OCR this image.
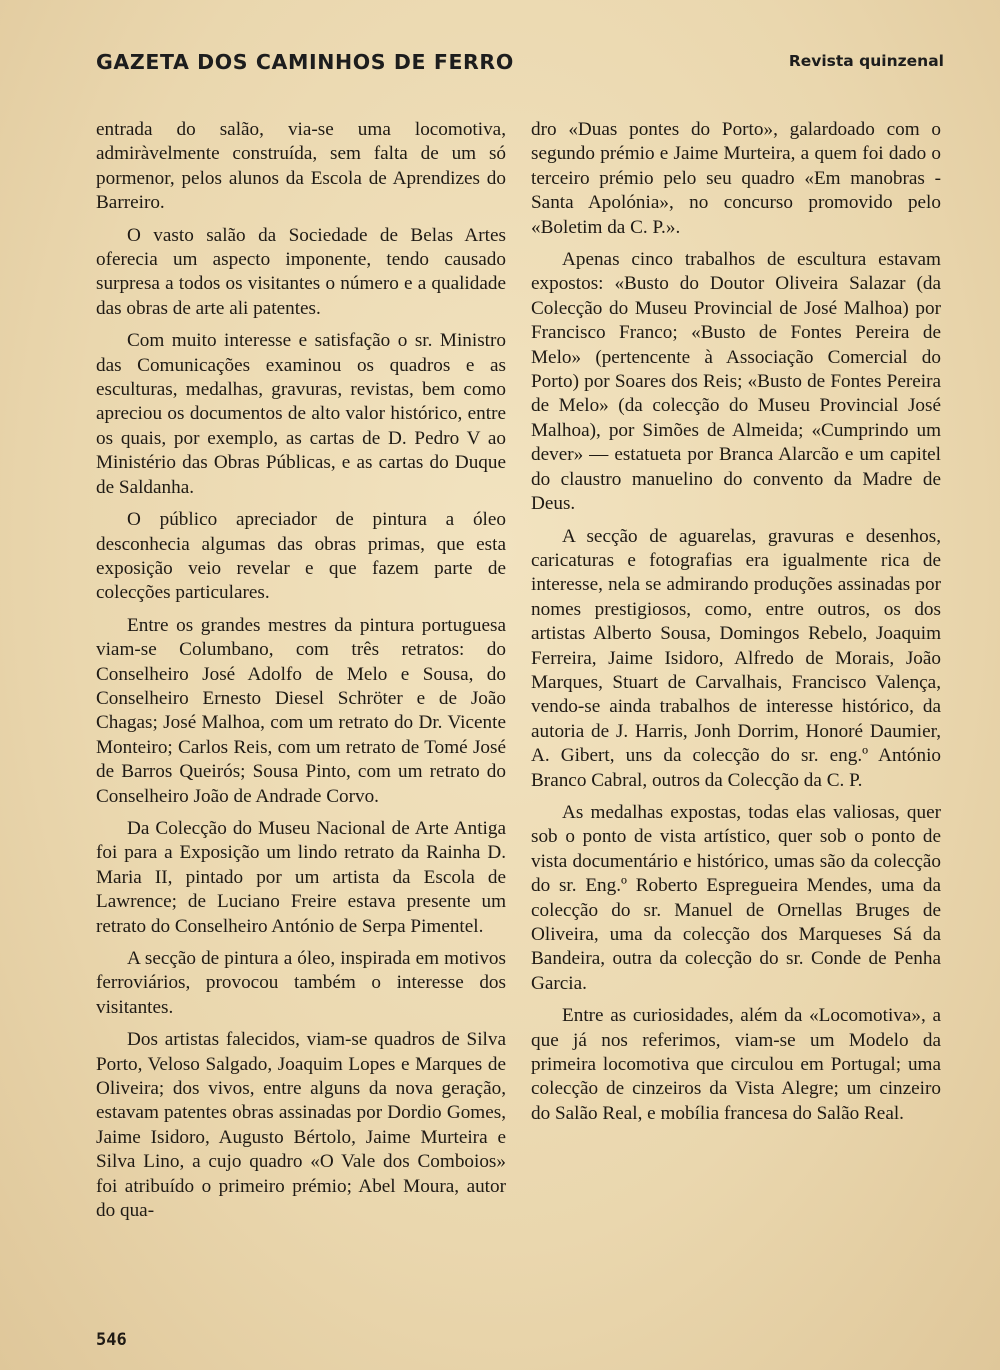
GAZETA DOS CAMINHOS DE FERRO	Revista quinzenal

entrada do salão, via-se uma locomotiva, admiràvelmente construída, sem falta de um só pormenor, pelos alunos da Escola de Aprendizes do Barreiro.

O vasto salão da Sociedade de Belas Artes oferecia um aspecto imponente, tendo causado surpresa a todos os visitantes o número e a qualidade das obras de arte ali patentes.

Com muito interesse e satisfação o sr. Ministro das Comunicações examinou os quadros e as esculturas, medalhas, gravuras, revistas, bem como apreciou os documentos de alto valor histórico, entre os quais, por exemplo, as cartas de D. Pedro V ao Ministério das Obras Públicas, e as cartas do Duque de Saldanha.

O público apreciador de pintura a óleo desconhecia algumas das obras primas, que esta exposição veio revelar e que fazem parte de colecções particulares.

Entre os grandes mestres da pintura portuguesa viam-se Columbano, com três retratos: do Conselheiro José Adolfo de Melo e Sousa, do Conselheiro Ernesto Diesel Schröter e de João Chagas; José Malhoa, com um retrato do Dr. Vicente Monteiro; Carlos Reis, com um retrato de Tomé José de Barros Queirós; Sousa Pinto, com um retrato do Conselheiro João de Andrade Corvo.

Da Colecção do Museu Nacional de Arte Antiga foi para a Exposição um lindo retrato da Rainha D. Maria II, pintado por um artista da Escola de Lawrence; de Luciano Freire estava presente um retrato do Conselheiro António de Serpa Pimentel.

A secção de pintura a óleo, inspirada em motivos ferroviários, provocou também o interesse dos visitantes.

Dos artistas falecidos, viam-se quadros de Silva Porto, Veloso Salgado, Joaquim Lopes e Marques de Oliveira; dos vivos, entre alguns da nova geração, estavam patentes obras assinadas por Dordio Gomes, Jaime Isidoro, Augusto Bértolo, Jaime Murteira e Silva Lino, a cujo quadro «O Vale dos Comboios» foi atribuído o primeiro prémio; Abel Moura, autor do qua-

dro «Duas pontes do Porto», galardoado com o segundo prémio e Jaime Murteira, a quem foi dado o terceiro prémio pelo seu quadro «Em manobras - Santa Apolónia», no concurso promovido pelo «Boletim da C. P.».

Apenas cinco trabalhos de escultura estavam expostos: «Busto do Doutor Oliveira Salazar (da Colecção do Museu Provincial de José Malhoa) por Francisco Franco; «Busto de Fontes Pereira de Melo» (pertencente à Associação Comercial do Porto) por Soares dos Reis; «Busto de Fontes Pereira de Melo» (da colecção do Museu Provincial José Malhoa), por Simões de Almeida; «Cumprindo um dever» — estatueta por Branca Alarcão e um capitel do claustro manuelino do convento da Madre de Deus.

A secção de aguarelas, gravuras e desenhos, caricaturas e fotografias era igualmente rica de interesse, nela se admirando produções assinadas por nomes prestigiosos, como, entre outros, os dos artistas Alberto Sousa, Domingos Rebelo, Joaquim Ferreira, Jaime Isidoro, Alfredo de Morais, João Marques, Stuart de Carvalhais, Francisco Valença, vendo-se ainda trabalhos de interesse histórico, da autoria de J. Harris, Jonh Dorrim, Honoré Daumier, A. Gibert, uns da colecção do sr. eng.º António Branco Cabral, outros da Colecção da C. P.

As medalhas expostas, todas elas valiosas, quer sob o ponto de vista artístico, quer sob o ponto de vista documentário e histórico, umas são da colecção do sr. Eng.º Roberto Espregueira Mendes, uma da colecção do sr. Manuel de Ornellas Bruges de Oliveira, uma da colecção dos Marqueses Sá da Bandeira, outra da colecção do sr. Conde de Penha Garcia.

Entre as curiosidades, além da «Locomotiva», a que já nos referimos, viam-se um Modelo da primeira locomotiva que circulou em Portugal; uma colecção de cinzeiros da Vista Alegre; um cinzeiro do Salão Real, e mobília francesa do Salão Real.

546
